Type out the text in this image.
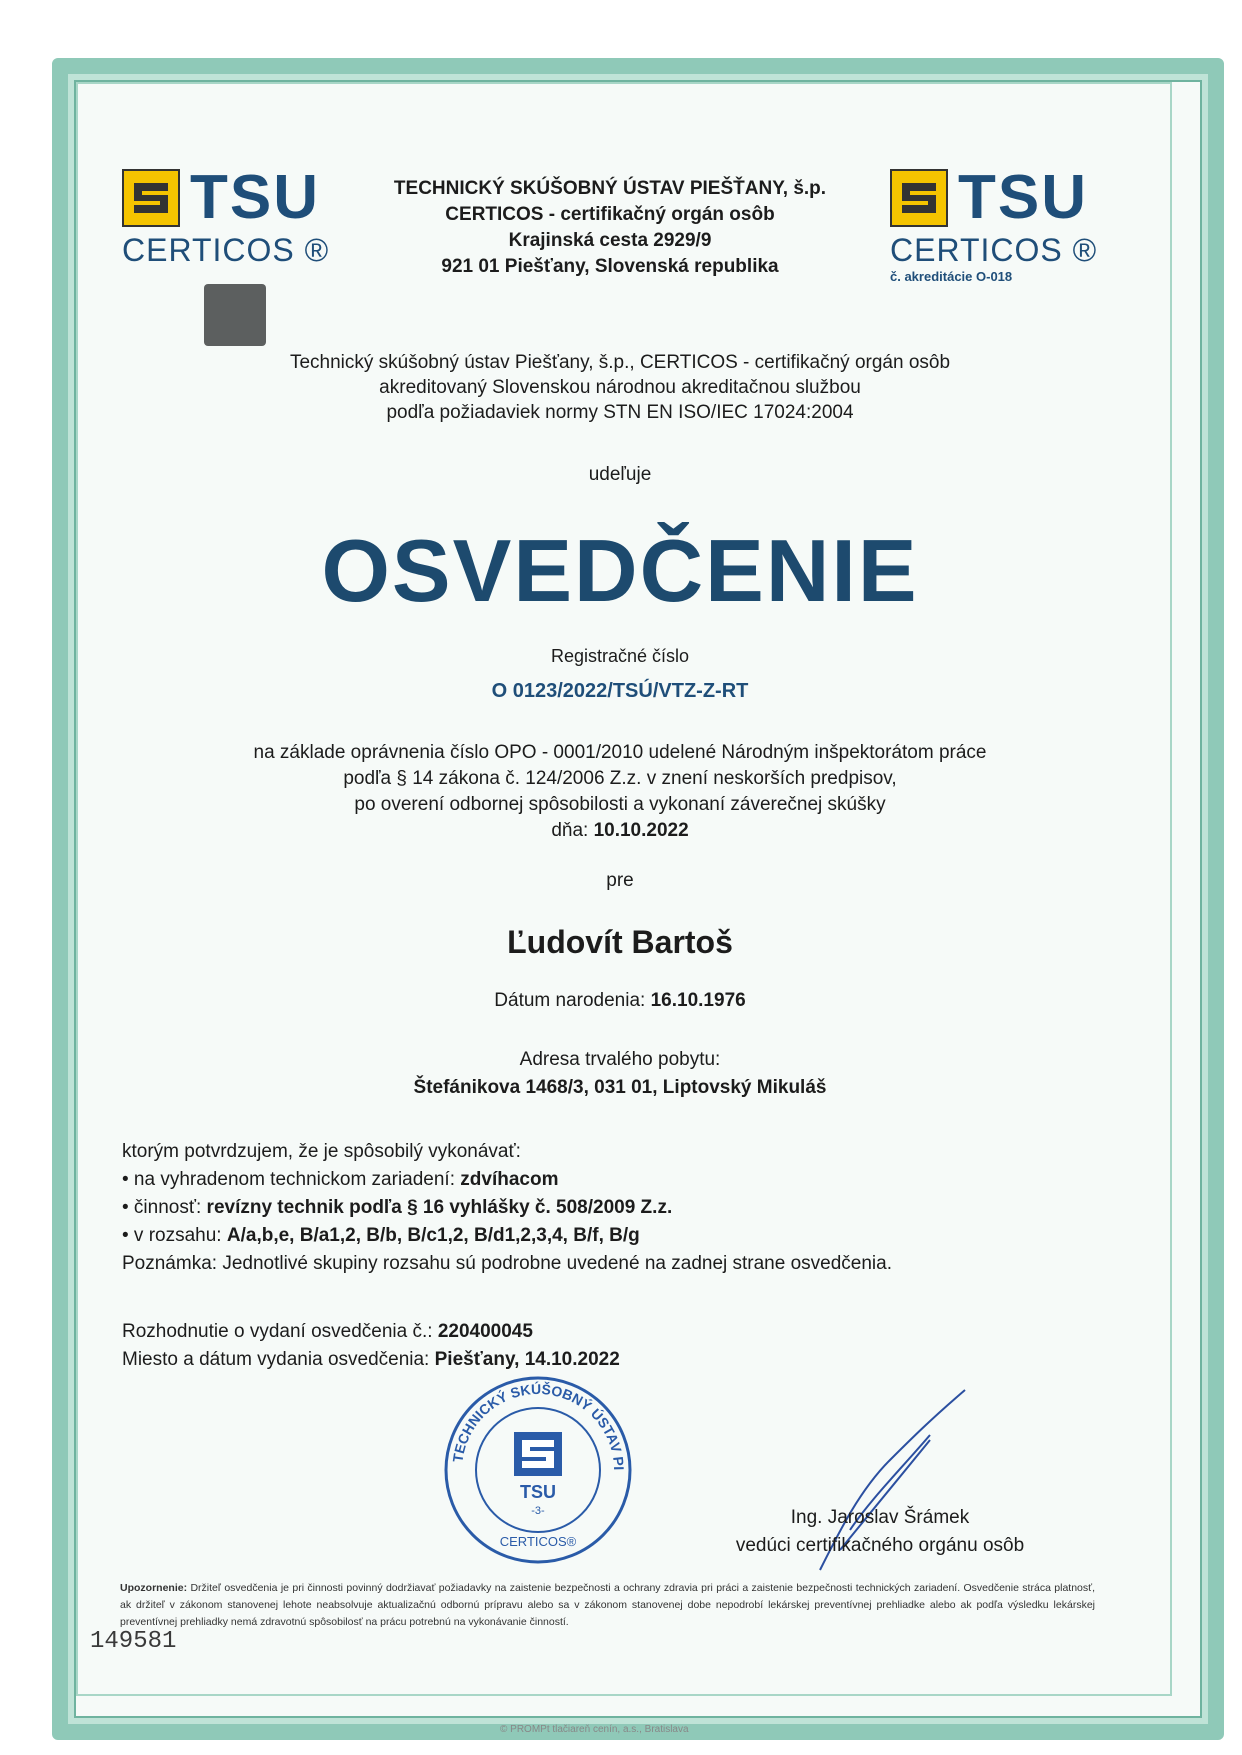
TSU
CERTICOS ®
TECHNICKÝ SKÚŠOBNÝ ÚSTAV PIEŠŤANY, š.p.
CERTICOS - certifikačný orgán osôb
Krajinská cesta 2929/9
921 01 Piešťany, Slovenská republika
TSU
CERTICOS ®
č. akreditácie O-018
Technický skúšobný ústav Piešťany, š.p., CERTICOS - certifikačný orgán osôb
akreditovaný Slovenskou národnou akreditačnou službou
podľa požiadaviek normy STN EN ISO/IEC 17024:2004
udeľuje
OSVEDČENIE
Registračné číslo
O 0123/2022/TSÚ/VTZ-Z-RT
na základe oprávnenia číslo OPO - 0001/2010 udelené Národným inšpektorátom práce
podľa § 14 zákona č. 124/2006 Z.z. v znení neskorších predpisov,
po overení odbornej spôsobilosti a vykonaní záverečnej skúšky
dňa: 10.10.2022
pre
Ľudovít Bartoš
Dátum narodenia: 16.10.1976
Adresa trvalého pobytu:
Štefánikova 1468/3, 031 01, Liptovský Mikuláš

ktorým potvrdzujem, že je spôsobilý vykonávať:

• na vyhradenom technickom zariadení: zdvíhacom

• činnosť: revízny technik podľa § 16 vyhlášky č. 508/2009 Z.z.

• v rozsahu: A/a,b,e, B/a1,2, B/b, B/c1,2, B/d1,2,3,4, B/f, B/g

Poznámka: Jednotlivé skupiny rozsahu sú podrobne uvedené na zadnej strane osvedčenia.

Rozhodnutie o vydaní osvedčenia č.: 220400045
Miesto a dátum vydania osvedčenia: Piešťany, 14.10.2022
TECHNICKÝ SKÚŠOBNÝ ÚSTAV PI
TSU
-3-
CERTICOS®
Ing. Jaroslav Šrámek
vedúci certifikačného orgánu osôb
Upozornenie: Držiteľ osvedčenia je pri činnosti povinný dodržiavať požiadavky na zaistenie bezpečnosti a ochrany zdravia pri práci a zaistenie bezpečnosti technických zariadení. Osvedčenie stráca platnosť, ak držiteľ v zákonom stanovenej lehote neabsolvuje aktualizačnú odbornú prípravu alebo sa v zákonom stanovenej dobe nepodrobí lekárskej preventívnej prehliadke alebo ak podľa výsledku lekárskej preventívnej prehliadky nemá zdravotnú spôsobilosť na prácu potrebnú na vykonávanie činností.
149581
© PROMPt tlačiareň cenín, a.s., Bratislava
